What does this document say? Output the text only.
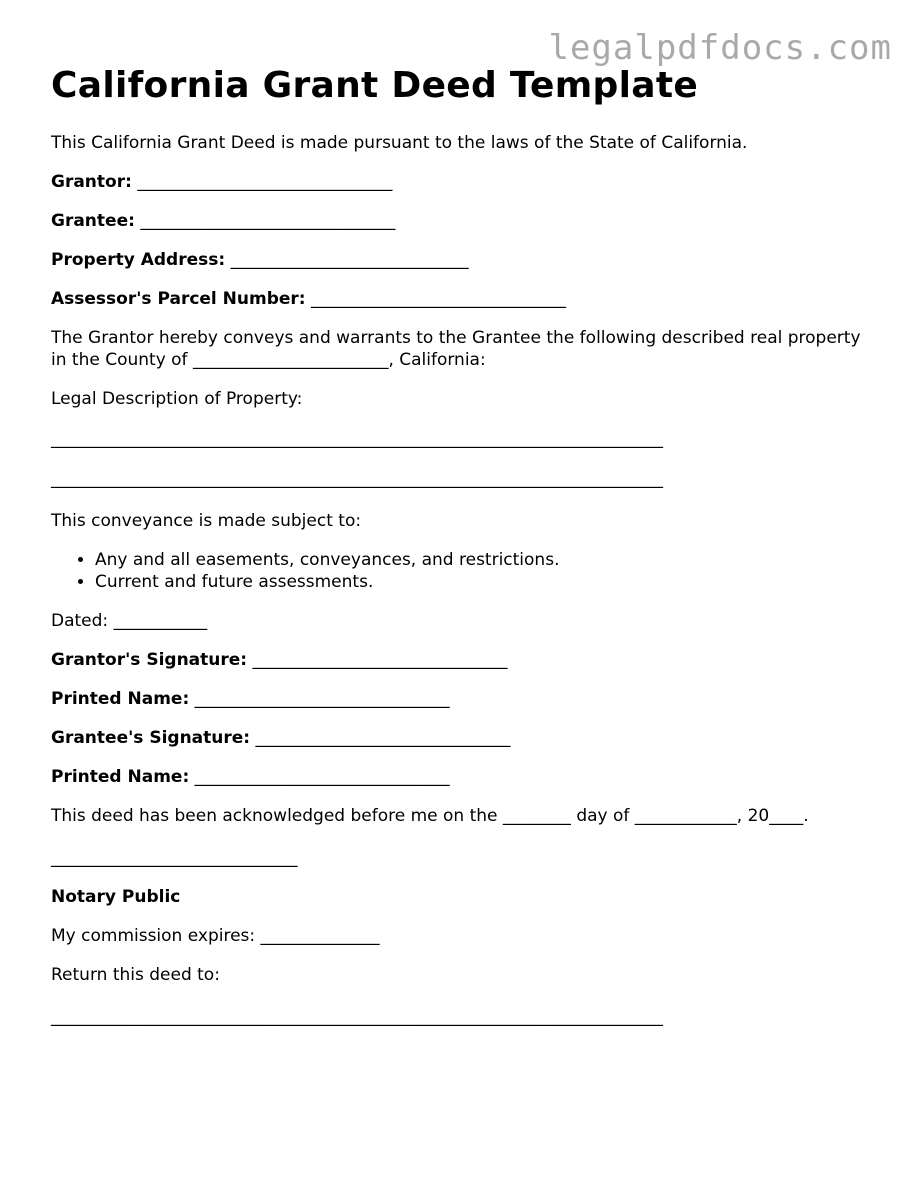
legalpdfdocs.com
California Grant Deed Template
This California Grant Deed is made pursuant to the laws of the State of California.
Grantor: ______________________________
Grantee: ______________________________
Property Address: ____________________________
Assessor's Parcel Number: ______________________________
The Grantor hereby conveys and warrants to the Grantee the following described real property in the County of _______________________, California:
Legal Description of Property:
________________________________________________________________________
________________________________________________________________________
This conveyance is made subject to:
• Any and all easements, conveyances, and restrictions.
• Current and future assessments.
Dated: ___________
Grantor's Signature: ______________________________
Printed Name: ______________________________
Grantee's Signature: ______________________________
Printed Name: ______________________________
This deed has been acknowledged before me on the ________ day of ____________, 20____.
_____________________________
Notary Public
My commission expires: ______________
Return this deed to:
________________________________________________________________________
